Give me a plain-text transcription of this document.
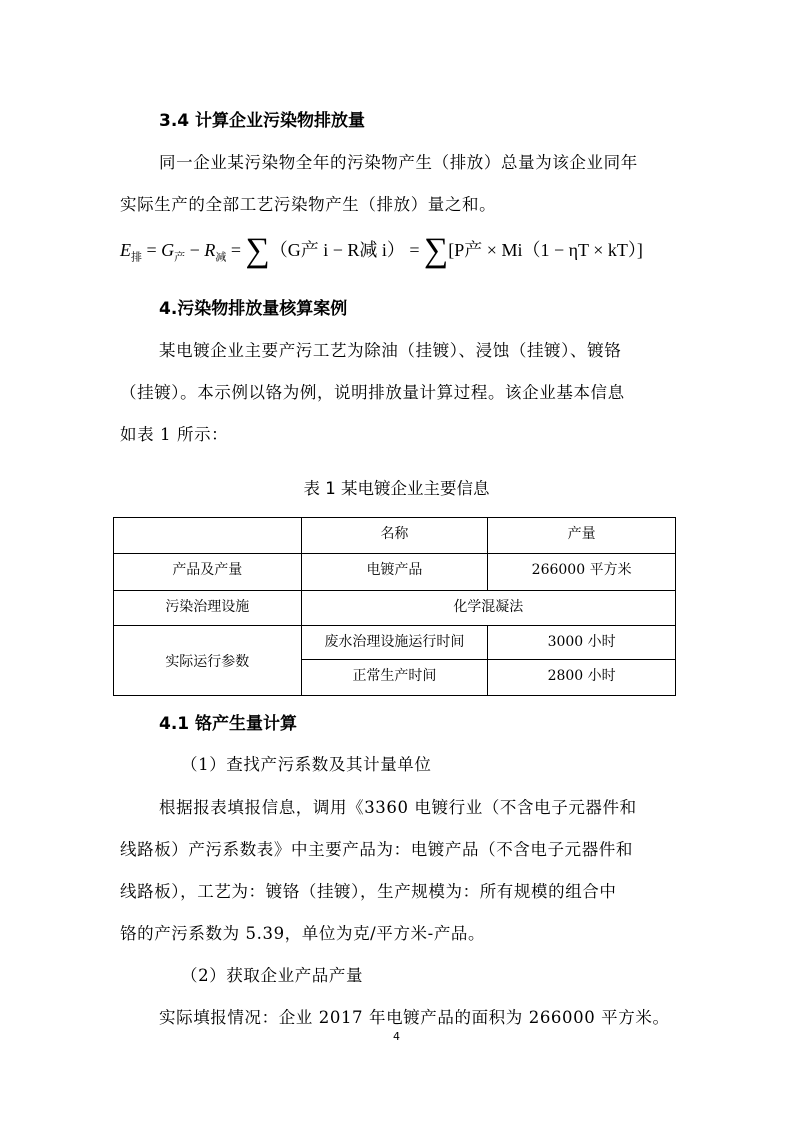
3.4 计算企业污染物排放量
同一企业某污染物全年的污染物产生（排放）总量为该企业同年
实际生产的全部工艺污染物产生（排放）量之和。
$E_排 = G_产 - R_减 = \sum(G$产 i − R减 i） = ∑[P产 × Mi（1 − ηT × kT）]
4.污染物排放量核算案例
某电镀企业主要产污工艺为除油（挂镀）、浸蚀（挂镀）、镀铬
（挂镀）。本示例以铬为例，说明排放量计算过程。该企业基本信息
如表 1 所示：
表 1 某电镀企业主要信息
	名称	产量
产品及产量	电镀产品	266000 平方米
污染治理设施	化学混凝法	
实际运行参数	废水治理设施运行时间	3000 小时
	正常生产时间	2800 小时
4.1 铬产生量计算
（1）查找产污系数及其计量单位
根据报表填报信息，调用《3360 电镀行业（不含电子元器件和
线路板）产污系数表》中主要产品为：电镀产品（不含电子元器件和
线路板），工艺为：镀铬（挂镀），生产规模为：所有规模的组合中
铬的产污系数为 5.39，单位为克/平方米-产品。
（2）获取企业产品产量
实际填报情况：企业 2017 年电镀产品的面积为 266000 平方米。
4
